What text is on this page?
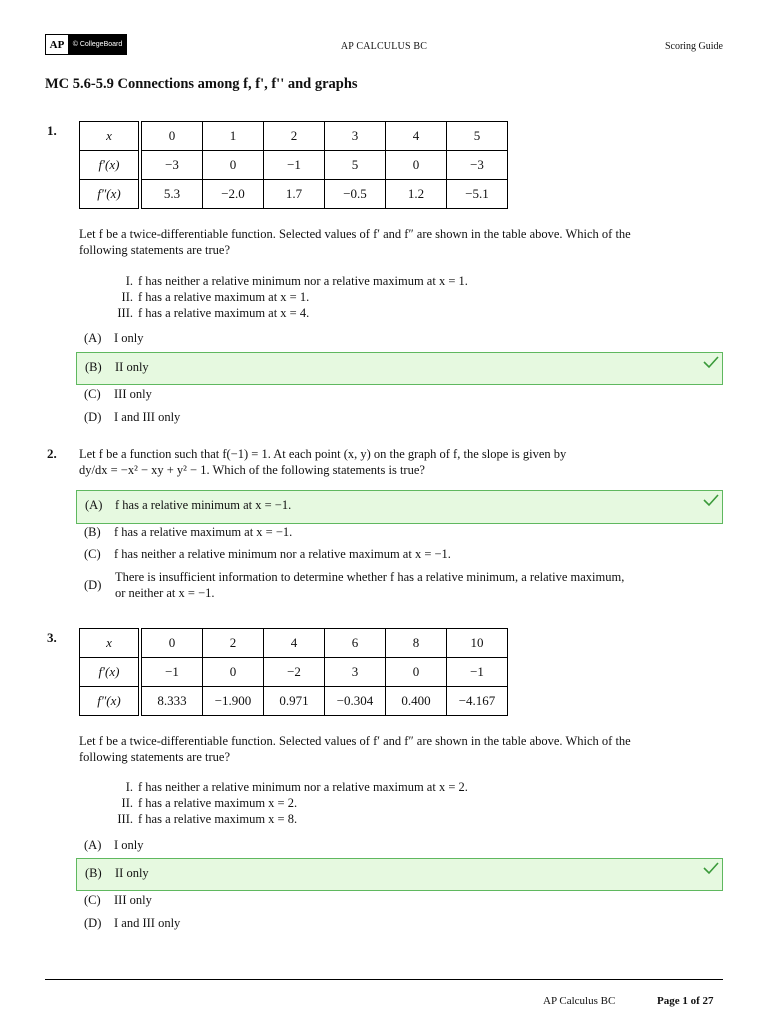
AP	© CollegeBoard	AP CALCULUS BC	Scoring Guide
MC 5.6-5.9 Connections among f, f', f'' and graphs
1.	x	0	1	2	3	4	5
f′(x)	−3	0	−1	5	0	−3
f″(x)	5.3	−2.0	1.7	−0.5	1.2	−5.1
Let f be a twice-differentiable function. Selected values of f′ and f″ are shown in the table above. Which of the
following statements are true?
I. f has neither a relative minimum nor a relative maximum at x = 1.
II. f has a relative maximum at x = 1.
III. f has a relative maximum at x = 4.
(A) I only
(B) II only
(C) III only
(D) I and III only
2. Let f be a function such that f(−1) = 1. At each point (x, y) on the graph of f, the slope is given by
dy/dx = −x² − xy + y² − 1. Which of the following statements is true?
(A) f has a relative minimum at x = −1.
(B) f has a relative maximum at x = −1.
(C) f has neither a relative minimum nor a relative maximum at x = −1.
(D)
There is insufficient information to determine whether f has a relative minimum, a relative maximum,
or neither at x = −1.
3.	x	0	2	4	6	8	10
f′(x)	−1	0	−2	3	0	−1
f″(x)	8.333	−1.900	0.971	−0.304	0.400	−4.167
Let f be a twice-differentiable function. Selected values of f′ and f″ are shown in the table above. Which of the
following statements are true?
I. f has neither a relative minimum nor a relative maximum at x = 2.
II. f has a relative maximum x = 2.
III. f has a relative maximum x = 8.
(A) I only
(B) II only
(C) III only
(D) I and III only
AP Calculus BC	Page 1 of 27
